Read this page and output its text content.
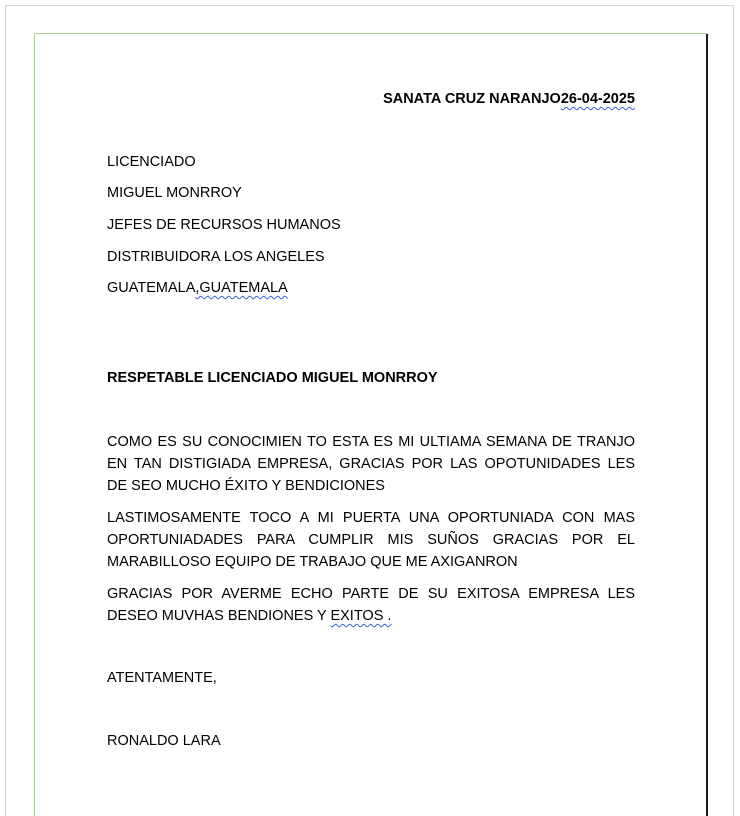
SANATA CRUZ NARANJO26-04-2025
LICENCIADO
MIGUEL MONRROY
JEFES DE RECURSOS HUMANOS
DISTRIBUIDORA LOS ANGELES
GUATEMALA,GUATEMALA
RESPETABLE LICENCIADO MIGUEL MONRROY
COMO ES SU CONOCIMIEN TO ESTA ES MI ULTIAMA SEMANA DE TRANJO EN TAN DISTIGIADA EMPRESA, GRACIAS POR LAS OPOTUNIDADES LES DE SEO MUCHO ÉXITO Y BENDICIONES
LASTIMOSAMENTE TOCO A MI PUERTA UNA OPORTUNIADA CON MAS OPORTUNIADADES PARA CUMPLIR MIS SUÑOS GRACIAS POR EL MARABILLOSO EQUIPO DE TRABAJO QUE ME AXIGANRON
GRACIAS POR AVERME ECHO PARTE DE SU EXITOSA EMPRESA LES DESEO MUVHAS BENDIONES Y EXITOS .
ATENTAMENTE,
RONALDO LARA
